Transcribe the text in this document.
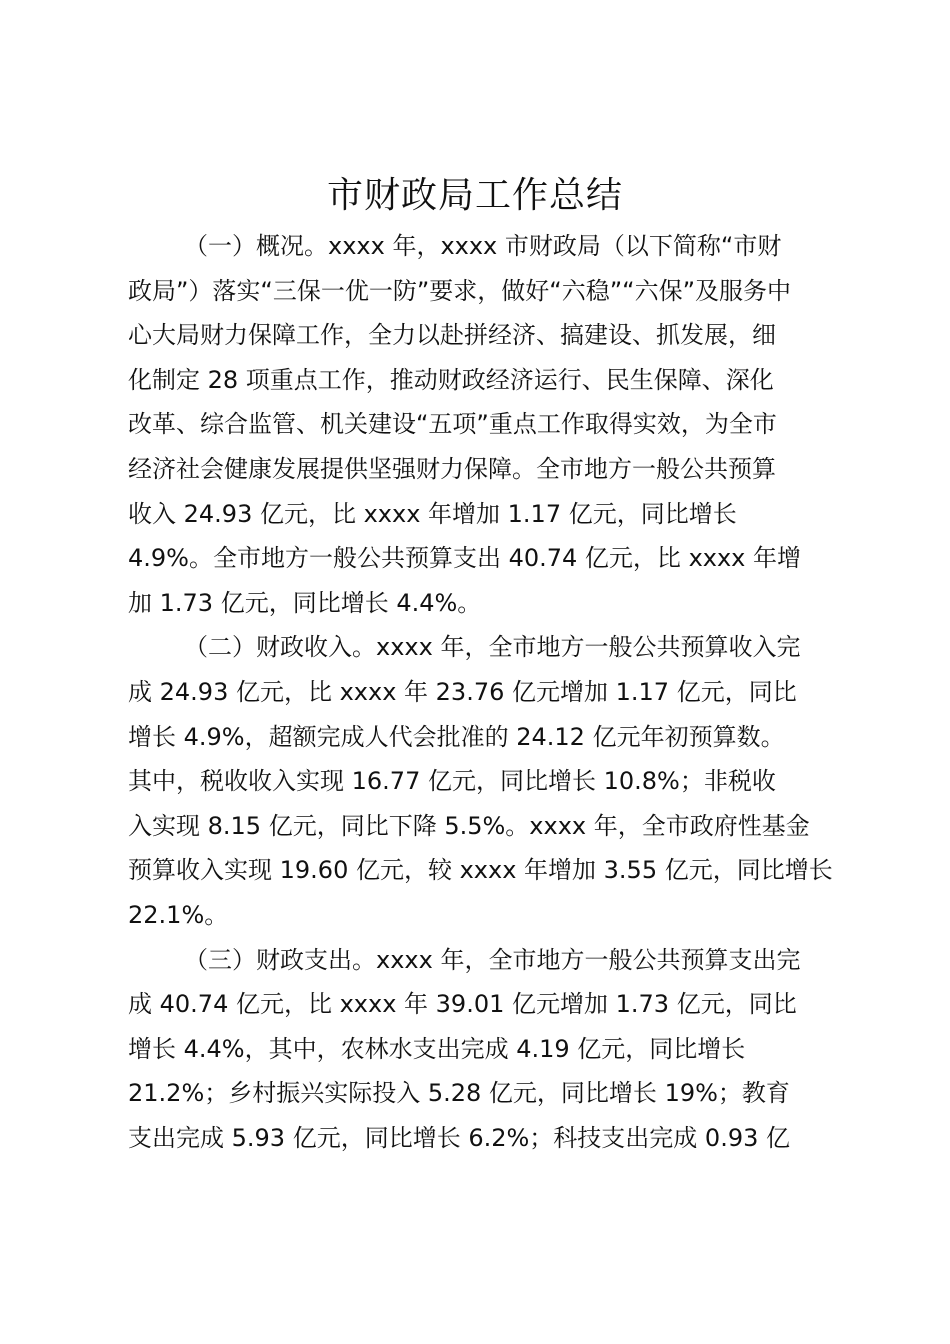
市财政局工作总结
（一）概况。xxxx 年，xxxx 市财政局（以下简称“市财
政局”）落实“三保一优一防”要求，做好“六稳”“六保”及服务中
心大局财力保障工作，全力以赴拼经济、搞建设、抓发展，细
化制定 28 项重点工作，推动财政经济运行、民生保障、深化
改革、综合监管、机关建设“五项”重点工作取得实效，为全市
经济社会健康发展提供坚强财力保障。全市地方一般公共预算
收入 24.93 亿元，比 xxxx 年增加 1.17 亿元，同比增长
4.9%。全市地方一般公共预算支出 40.74 亿元，比 xxxx 年增
加 1.73 亿元，同比增长 4.4%。
（二）财政收入。xxxx 年，全市地方一般公共预算收入完
成 24.93 亿元，比 xxxx 年 23.76 亿元增加 1.17 亿元，同比
增长 4.9%，超额完成人代会批准的 24.12 亿元年初预算数。
其中，税收收入实现 16.77 亿元，同比增长 10.8%；非税收
入实现 8.15 亿元，同比下降 5.5%。xxxx 年，全市政府性基金
预算收入实现 19.60 亿元，较 xxxx 年增加 3.55 亿元，同比增长
22.1%。
（三）财政支出。xxxx 年，全市地方一般公共预算支出完
成 40.74 亿元，比 xxxx 年 39.01 亿元增加 1.73 亿元，同比
增长 4.4%，其中，农林水支出完成 4.19 亿元，同比增长
21.2%；乡村振兴实际投入 5.28 亿元，同比增长 19%；教育
支出完成 5.93 亿元，同比增长 6.2%；科技支出完成 0.93 亿
